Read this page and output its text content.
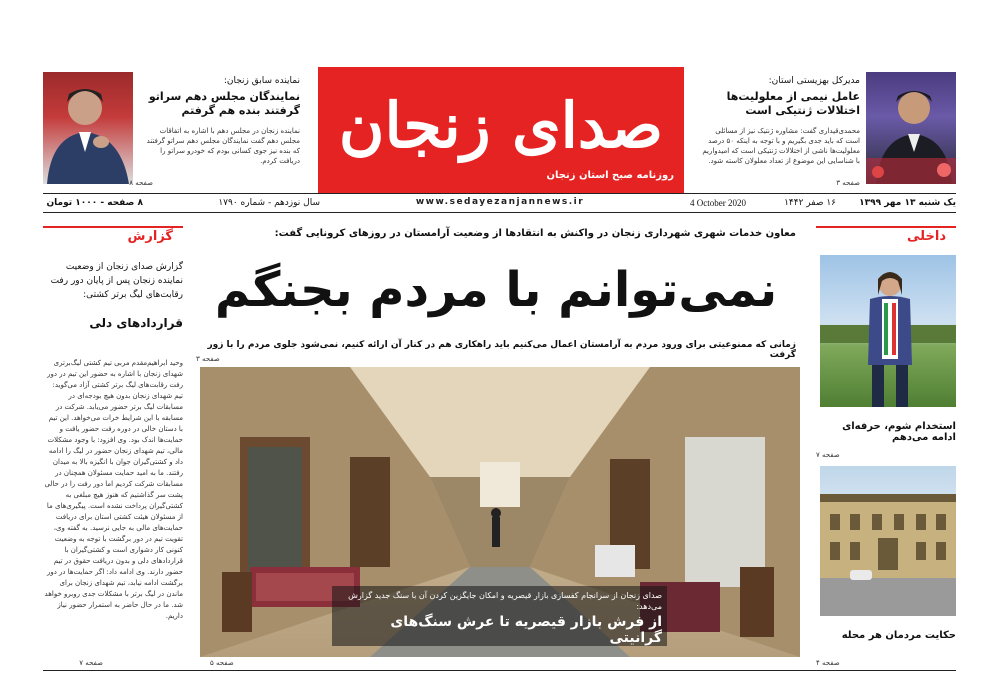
صدای زنجان
روزنامه صبح استان زنجان
www.sedayezanjannews.ir
مدیرکل بهزیستی استان:
عامل نیمی از معلولیت‌ها اختلالات ژنتیکی است
محمدی‌قیداری گفت: مشاوره ژنتیک نیز از مسائلی است که باید جدی بگیریم و با توجه به اینکه ۵۰ درصد معلولیت‌ها ناشی از اختلالات ژنتیکی است که امیدواریم با شناسایی این موضوع از تعداد معلولان کاسته شود.
صفحه ۳
نماینده سابق زنجان:
نمایندگان مجلس دهم سراتو گرفتند بنده هم گرفتم
نماینده زنجان در مجلس دهم با اشاره به اتفاقات مجلس دهم گفت نمایندگان مجلس دهم سراتو گرفتند که بنده نیز جوی کسانی بودم که خودرو سراتو را دریافت کردم.
صفحه ۸
یک شنبه ۱۳ مهر ۱۳۹۹
۱۶ صفر ۱۴۴۲
4 October 2020
سال نوزدهم - شماره ۱۷۹۰
۸ صفحه - ۱۰۰۰ تومان
گزارش
گزارش صدای زنجان از وضعیت نماینده زنجان پس از پایان دور رفت رقابت‌های لیگ برتر کشتی:
قراردادهای دلی
وحید ابراهیم‌مقدم مربی تیم کشتی لیگ‌برتری شهدای زنجان با اشاره به حضور این تیم در دور رفت رقابت‌های لیگ برتر کشتی آزاد می‌گوید: تیم شهدای زنجان بدون هیچ بودجه‌ای در مسابقات لیگ برتر حضور می‌یابد. شرکت در مسابقه با این شرایط خرات می‌خواهد. این تیم با دستان خالی در دوره رفت حضور یافت و حمایت‌ها اندک بود. وی افزود: با وجود مشکلات مالی، تیم شهدای زنجان حضور در لیگ را ادامه داد و کشتی‌گیران جوان با انگیزه بالا به میدان رفتند. ما به امید حمایت مسئولان همچنان در مسابقات شرکت کردیم اما دور رفت را در حالی پشت سر گذاشتیم که هنوز هیچ مبلغی به کشتی‌گیران پرداخت نشده است. پیگیری‌های ما از مسئولان هیئت کشتی استان برای دریافت حمایت‌های مالی به جایی نرسید. به گفته وی، تقویت تیم در دور برگشت با توجه به وضعیت کنونی کار دشواری است و کشتی‌گیران با قراردادهای دلی و بدون دریافت حقوق در تیم حضور دارند. وی ادامه داد: اگر حمایت‌ها در دور برگشت ادامه نیابد، تیم شهدای زنجان برای ماندن در لیگ برتر با مشکلات جدی روبرو خواهد شد. ما در حال حاضر به استمرار حضور نیاز داریم.
صفحه ۷
داخلی
استخدام شوم، حرفه‌ای ادامه می‌دهم
صفحه ۷
حکایت مردمان هر محله
صفحه ۴
معاون خدمات شهری شهرداری زنجان در واکنش به انتقادها از وضعیت آرامستان در روزهای کرونایی گفت:
نمی‌توانم با مردم بجنگم
زمانی که ممنوعیتی برای ورود مردم به آرامستان اعمال می‌کنیم باید راهکاری هم در کنار آن ارائه کنیم، نمی‌شود جلوی مردم را با زور گرفت
صفحه ۳
صدای زنجان از سرانجام کفسازی بازار قیصریه و امکان جایگزین کردن آن با سنگ جدید گزارش می‌دهد:
از فرش بازار قیصریه تا عرش سنگ‌های گرانیتی
صفحه ۵
